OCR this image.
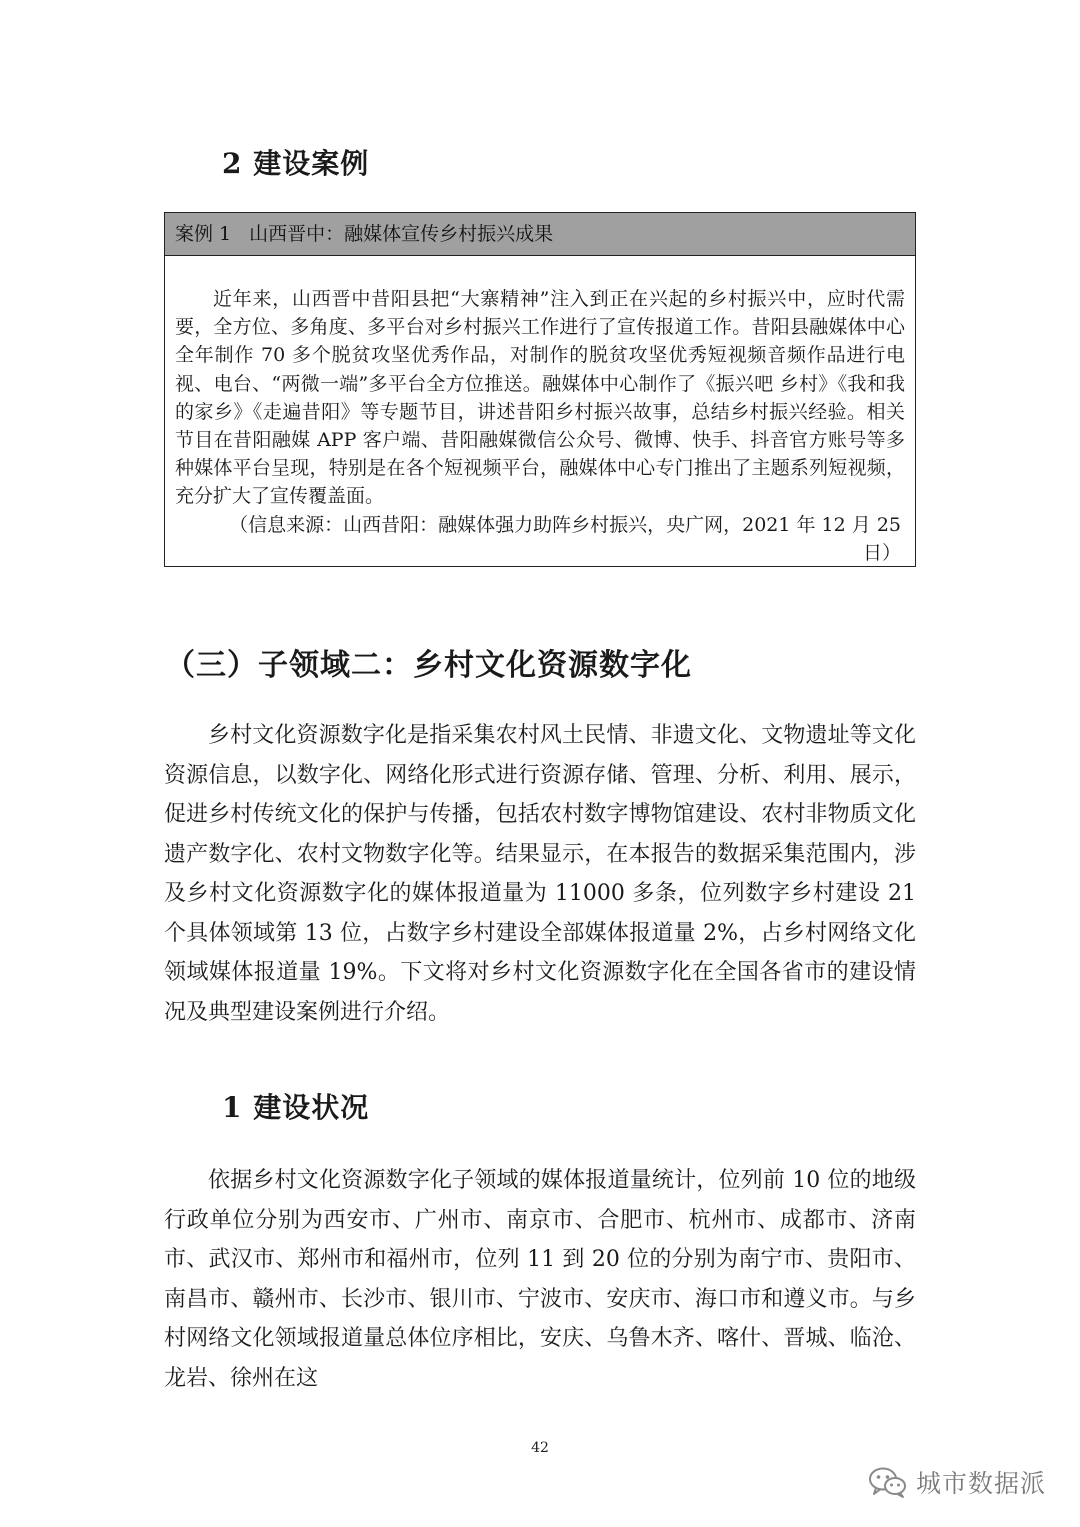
2 建设案例
案例 1 山西晋中：融媒体宣传乡村振兴成果

近年来，山西晋中昔阳县把“大寨精神”注入到正在兴起的乡村振兴中，应时代需要，全方位、多角度、多平台对乡村振兴工作进行了宣传报道工作。昔阳县融媒体中心全年制作 70 多个脱贫攻坚优秀作品，对制作的脱贫攻坚优秀短视频音频作品进行电视、电台、“两微一端”多平台全方位推送。融媒体中心制作了《振兴吧 乡村》《我和我的家乡》《走遍昔阳》等专题节目，讲述昔阳乡村振兴故事，总结乡村振兴经验。相关节目在昔阳融媒 APP 客户端、昔阳融媒微信公众号、微博、快手、抖音官方账号等多种媒体平台呈现，特别是在各个短视频平台，融媒体中心专门推出了主题系列短视频，充分扩大了宣传覆盖面。

（信息来源：山西昔阳：融媒体强力助阵乡村振兴，央广网，2021 年 12 月 25 日）

（三）子领域二：乡村文化资源数字化

乡村文化资源数字化是指采集农村风土民情、非遗文化、文物遗址等文化资源信息，以数字化、网络化形式进行资源存储、管理、分析、利用、展示，促进乡村传统文化的保护与传播，包括农村数字博物馆建设、农村非物质文化遗产数字化、农村文物数字化等。结果显示，在本报告的数据采集范围内，涉及乡村文化资源数字化的媒体报道量为 11000 多条，位列数字乡村建设 21 个具体领域第 13 位，占数字乡村建设全部媒体报道量 2%，占乡村网络文化领域媒体报道量 19%。下文将对乡村文化资源数字化在全国各省市的建设情况及典型建设案例进行介绍。

1 建设状况

依据乡村文化资源数字化子领域的媒体报道量统计，位列前 10 位的地级行政单位分别为西安市、广州市、南京市、合肥市、杭州市、成都市、济南市、武汉市、郑州市和福州市，位列 11 到 20 位的分别为南宁市、贵阳市、南昌市、赣州市、长沙市、银川市、宁波市、安庆市、海口市和遵义市。与乡村网络文化领域报道量总体位序相比，安庆、乌鲁木齐、喀什、晋城、临沧、龙岩、徐州在这

42
城市数据派
